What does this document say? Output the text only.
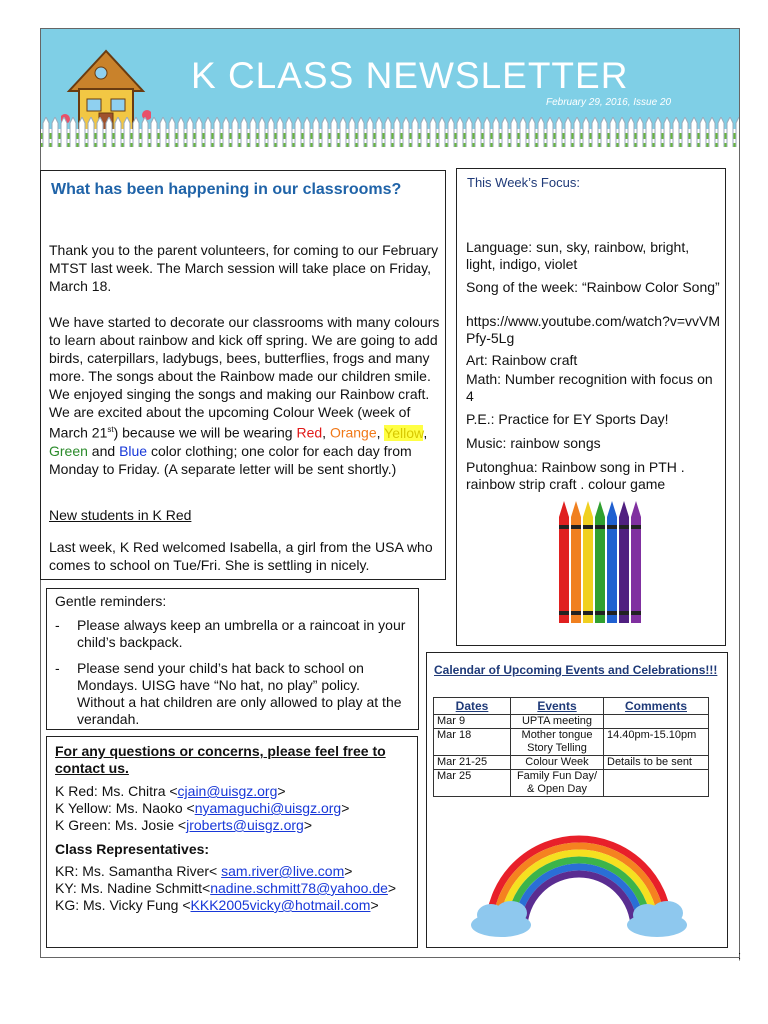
K CLASS NEWSLETTER
February 29, 2016, Issue 20
What has been happening in our classrooms?

Thank you to the parent volunteers, for coming to our February MTST last week. The March session will take place on Friday, March 18.

We have started to decorate our classrooms with many colours to learn about rainbow and kick off spring. We are going to add birds, caterpillars, ladybugs, bees, butterflies, frogs and many more. The songs about the Rainbow made our children smile. We enjoyed singing the songs and making our Rainbow craft. We are excited about the upcoming Colour Week (week of March 21st) because we will be wearing Red, Orange, Yellow, Green and Blue color clothing; one color for each day from Monday to Friday. (A separate letter will be sent shortly.)

New students in K Red

Last week, K Red welcomed Isabella, a girl from the USA who comes to school on Tue/Fri. She is settling in nicely.

This Week’s Focus:
Language: sun, sky, rainbow, bright, light, indigo, violet
Song of the week: “Rainbow Color Song”
https://www.youtube.com/watch?v=vvVMPfy-5Lg
Art: Rainbow craft
Math: Number recognition with focus on 4
P.E.: Practice for EY Sports Day!
Music: rainbow songs
Putonghua: Rainbow song in PTH . rainbow strip craft . colour game
Gentle reminders:
-	Please always keep an umbrella or a raincoat in your child’s backpack.
-	Please send your child’s hat back to school on Mondays. UISG have “No hat, no play” policy. Without a hat children are only allowed to play at the verandah.
For any questions or concerns, please feel free to contact us.
K Red: Ms. Chitra <cjain@uisgz.org>
K Yellow: Ms. Naoko <nyamaguchi@uisgz.org>
K Green: Ms. Josie <jroberts@uisgz.org>
Class Representatives:
KR: Ms. Samantha River< sam.river@live.com>
KY: Ms. Nadine Schmitt<nadine.schmitt78@yahoo.de>
KG: Ms. Vicky Fung <KKK2005vicky@hotmail.com>
Calendar of Upcoming Events and Celebrations!!!
Dates	Events	Comments
Mar 9	UPTA meeting	
Mar 18	Mother tongue Story Telling	14.40pm-15.10pm
Mar 21-25	Colour Week	Details to be sent
Mar 25	Family Fun Day/ & Open Day	
;
